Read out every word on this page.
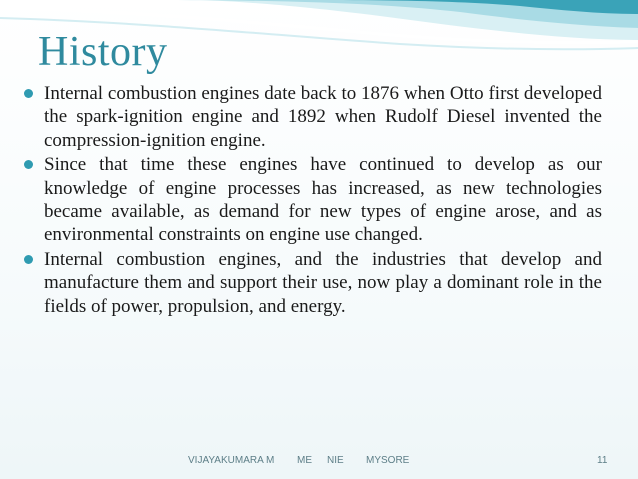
History
Internal combustion engines date back to 1876 when Otto first developed the spark-ignition engine and 1892 when Rudolf Diesel invented the compression-ignition engine.
Since that time these engines have continued to develop as our knowledge of engine processes has increased, as new technologies became available, as demand for new types of engine arose, and as environmental constraints on engine use changed.
Internal combustion engines, and the industries that develop and manufacture them and support their use, now play a dominant role in the fields of power, propulsion, and energy.
VIJAYAKUMARA M ME NIE MYSORE	11
